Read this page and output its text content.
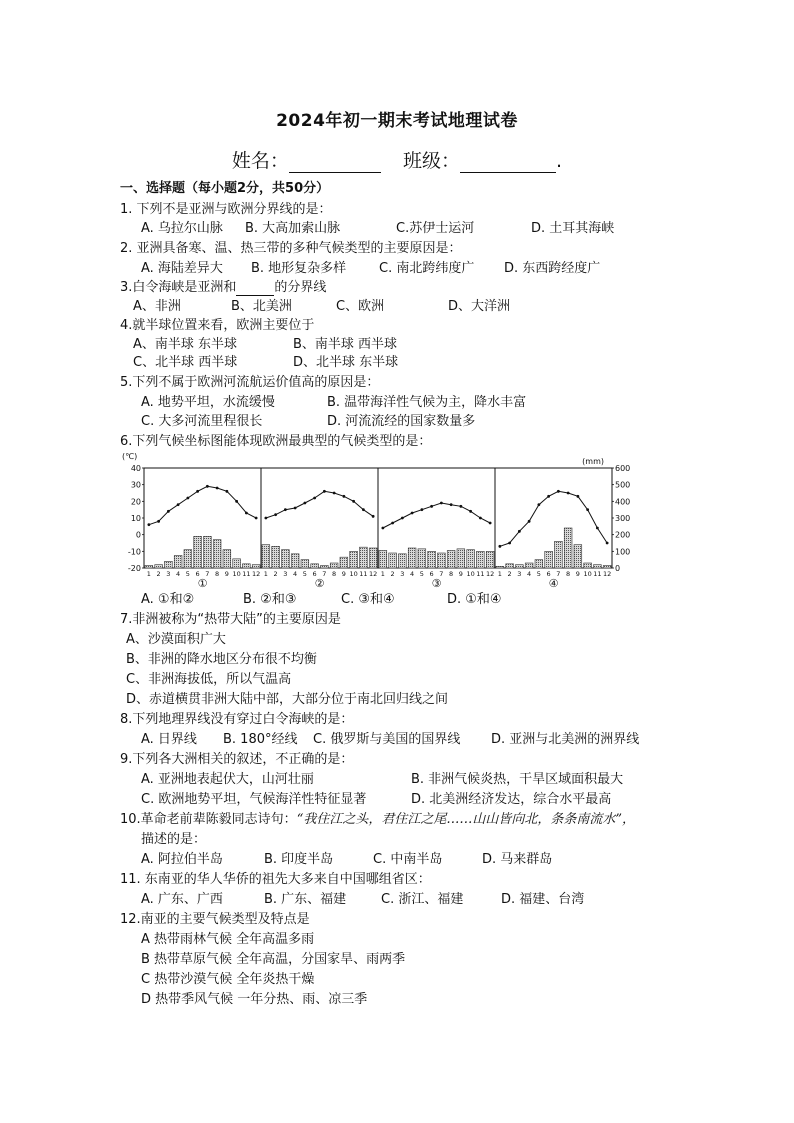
2024年初一期末考试地理试卷
姓名：	班级：	.
一、选择题（每小题2分，共50分）
1. 下列不是亚洲与欧洲分界线的是：
A. 乌拉尔山脉 B. 大高加索山脉	C.苏伊士运河	D. 土耳其海峡
2. 亚洲具备寒、温、热三带的多种气候类型的主要原因是：
A. 海陆差异大 B. 地形复杂多样	C. 南北跨纬度广 D. 东西跨经度广
3.白令海峡是亚洲和	的分界线
A、非洲	B、北美洲	C、欧洲	D、大洋洲
4.就半球位置来看，欧洲主要位于
A、南半球 东半球	B、南半球 西半球
C、北半球 西半球	D、北半球 东半球
5.下列不属于欧洲河流航运价值高的原因是：
A. 地势平坦，水流缓慢	B. 温带海洋性气候为主，降水丰富
C. 大多河流里程很长	D. 河流流经的国家数量多
6.下列气候坐标图能体现欧洲最典型的气候类型的是：
(℃)
(mm)
40
30
20
10
0
-10
-20
600
500
400
300
200
100
0
1 2 3 4 5 6 7 8 9 10 11 12
①
1 2 3 4 5 6 7 8 9 10 11 12
②
1 2 3 4 5 6 7 8 9 10 11 12
③
1 2 3 4 5 6 7 8 9 10 11 12
④
A. ①和②	B. ②和③	C. ③和④	D. ①和④
7.非洲被称为“热带大陆”的主要原因是
A、沙漠面积广大
B、非洲的降水地区分布很不均衡
C、非洲海拔低，所以气温高
D、赤道横贯非洲大陆中部，大部分位于南北回归线之间
8.下列地理界线没有穿过白令海峡的是：
A. 日界线 B. 180°经线 C. 俄罗斯与美国的国界线 D. 亚洲与北美洲的洲界线
9.下列各大洲相关的叙述，不正确的是：
A. 亚洲地表起伏大，山河壮丽	B. 非洲气候炎热，干旱区域面积最大
C. 欧洲地势平坦，气候海洋性特征显著	D. 北美洲经济发达，综合水平最高
10.革命老前辈陈毅同志诗句：“我住江之头，君住江之尾……山山皆向北，条条南流水”，
描述的是：
A. 阿拉伯半岛	B. 印度半岛	C. 中南半岛	D. 马来群岛
11. 东南亚的华人华侨的祖先大多来自中国哪组省区：
A. 广东、广西	B. 广东、福建	C. 浙江、福建	D. 福建、台湾
12.南亚的主要气候类型及特点是
A 热带雨林气候 全年高温多雨
B 热带草原气候 全年高温，分国家旱、雨两季
C 热带沙漠气候 全年炎热干燥
D 热带季风气候 一年分热、雨、凉三季
